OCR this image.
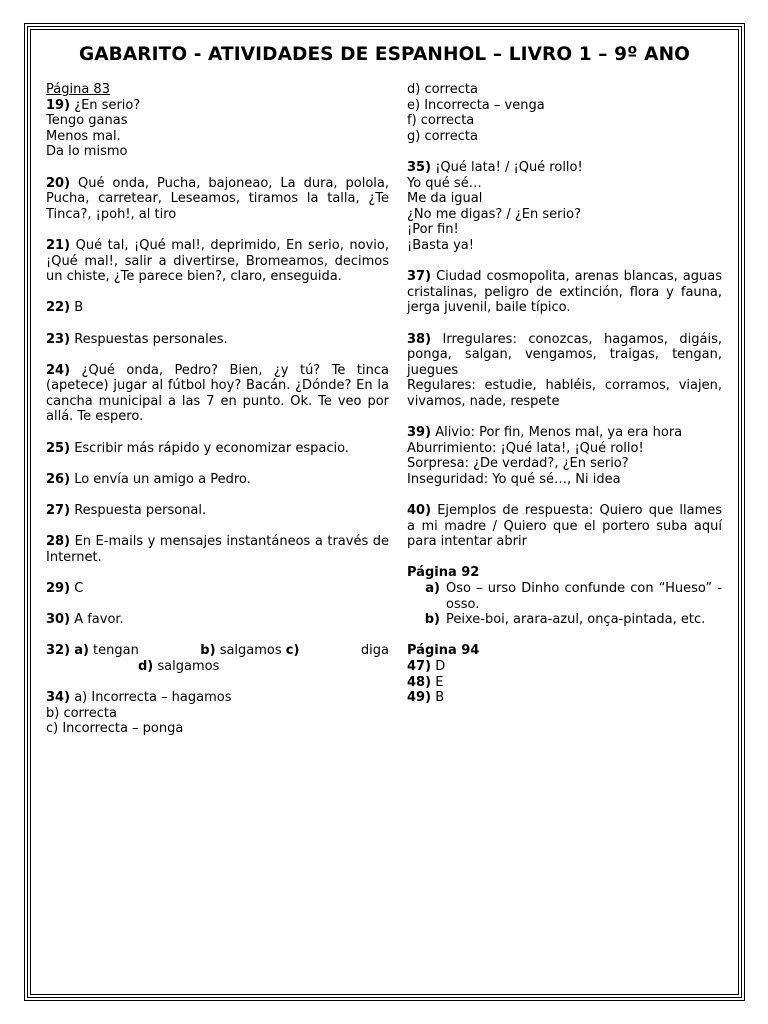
GABARITO - ATIVIDADES DE ESPANHOL – LIVRO 1 – 9º ANO
Página 83
19) ¿En serio?
Tengo ganas
Menos mal.
Da lo mismo
20) Qué onda, Pucha, bajoneao, La dura, polola, Pucha, carretear, Leseamos, tiramos la talla, ¿Te Tinca?, ¡poh!, al tiro
21) Qué tal, ¡Qué mal!, deprimido, En serio, novio, ¡Qué mal!, salir a divertirse, Bromeamos, decimos un chiste, ¿Te parece bien?, claro, enseguida.
22) B
23) Respuestas personales.
24) ¿Qué onda, Pedro? Bien, ¿y tú? Te tinca (apetece) jugar al fútbol hoy? Bacán. ¿Dónde? En la cancha municipal a las 7 en punto. Ok. Te veo por allá. Te espero.
25) Escribir más rápido y economizar espacio.
26) Lo envía un amigo a Pedro.
27) Respuesta personal.
28) En E-mails y mensajes instantáneos a través de Internet.
29) C
30) A favor.
32) a) tengan	b) salgamos c)	diga
d) salgamos
34) a) Incorrecta – hagamos
b) correcta
c) Incorrecta – ponga
d) correcta
e) Incorrecta – venga
f) correcta
g) correcta
35) ¡Qué lata! / ¡Qué rollo!
Yo qué sé…
Me da igual
¿No me digas? / ¿En serio?
¡Por fin!
¡Basta ya!
37) Ciudad cosmopolita, arenas blancas, aguas cristalinas, peligro de extinción, flora y fauna, jerga juvenil, baile típico.
38) Irregulares: conozcas, hagamos, digáis, ponga, salgan, vengamos, traigas, tengan, juegues
Regulares: estudie, habléis, corramos, viajen, vivamos, nade, respete
39) Alivio: Por fin, Menos mal, ya era hora
Aburrimiento: ¡Qué lata!, ¡Qué rollo!
Sorpresa: ¿De verdad?, ¿En serio?
Inseguridad: Yo qué sé…, Ni idea
40) Ejemplos de respuesta: Quiero que llames a mi madre / Quiero que el portero suba aquí para intentar abrir
Página 92
a) Oso – urso Dinho confunde con “Hueso” - osso.
b) Peixe-boi, arara-azul, onça-pintada, etc.
Página 94
47) D
48) E
49) B
